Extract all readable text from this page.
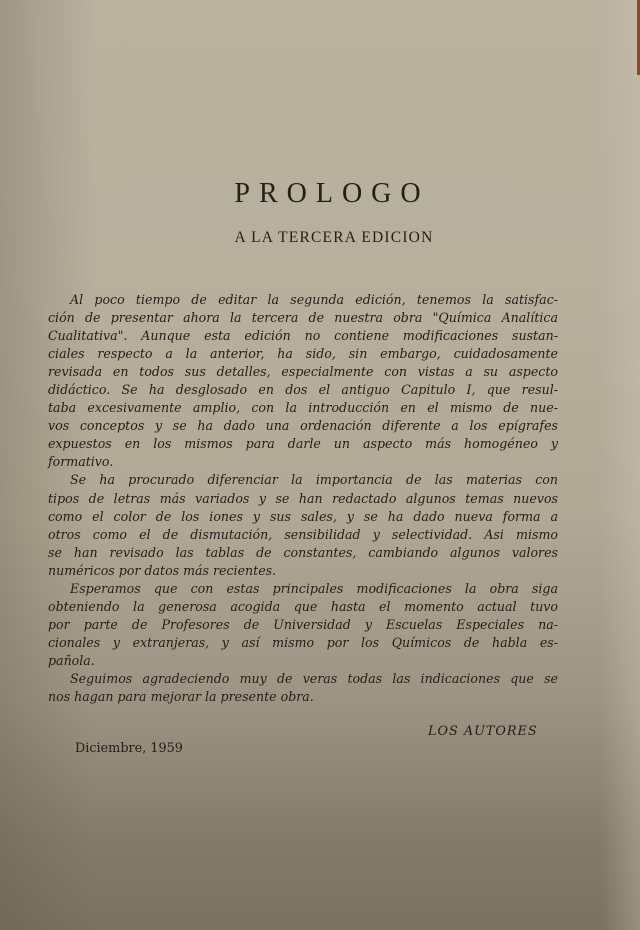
PROLOGO
A LA TERCERA EDICION
Al poco tiempo de editar la segunda edición, tenemos la satisfac-
ción de presentar ahora la tercera de nuestra obra "Química Analítica
Cualitativa". Aunque esta edición no contiene modificaciones sustan-
ciales respecto a la anterior, ha sido, sin embargo, cuidadosamente
revisada en todos sus detalles, especialmente con vistas a su aspecto
didáctico. Se ha desglosado en dos el antiguo Capitulo I, que resul-
taba excesivamente amplio, con la introducción en el mismo de nue-
vos conceptos y se ha dado una ordenación diferente a los epígrafes
expuestos en los mismos para darle un aspecto más homogéneo y
formativo.
Se ha procurado diferenciar la importancia de las materias con
tipos de letras más variados y se han redactado algunos temas nuevos
como el color de los iones y sus sales, y se ha dado nueva forma a
otros como el de dismutación, sensibilidad y selectividad. Asi mismo
se han revisado las tablas de constantes, cambiando algunos valores
numéricos por datos más recientes.
Esperamos que con estas principales modificaciones la obra siga
obteniendo la generosa acogida que hasta el momento actual tuvo
por parte de Profesores de Universidad y Escuelas Especiales na-
cionales y extranjeras, y así mismo por los Químicos de habla es-
pañola.
Seguimos agradeciendo muy de veras todas las indicaciones que se
nos hagan para mejorar la presente obra.
LOS AUTORES
Diciembre, 1959
